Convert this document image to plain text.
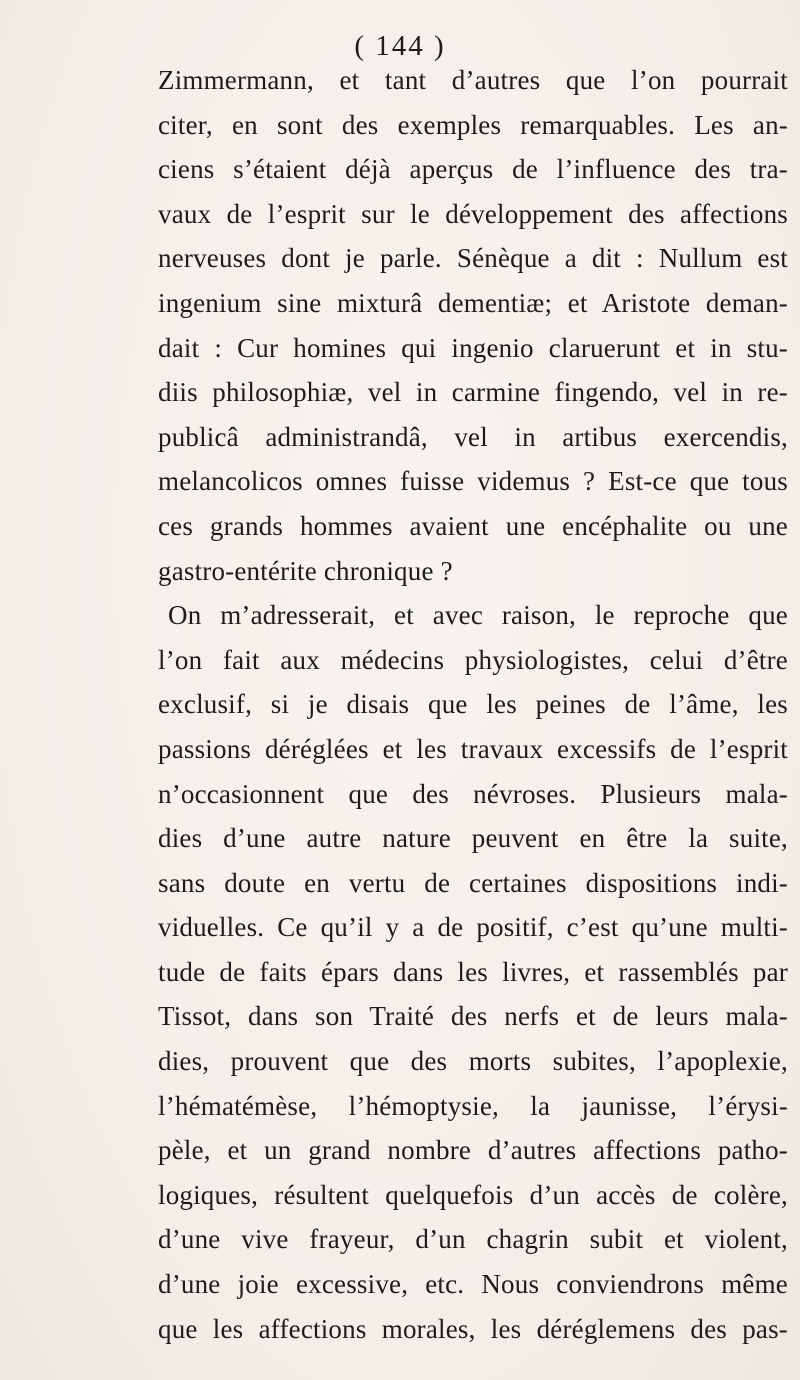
( 144 )
Zimmermann, et tant d’autres que l’on pourrait
citer, en sont des exemples remarquables. Les an-
ciens s’étaient déjà aperçus de l’influence des tra-
vaux de l’esprit sur le développement des affections
nerveuses dont je parle. Sénèque a dit : Nullum est
ingenium sine mixturâ dementiæ; et Aristote deman-
dait : Cur homines qui ingenio claruerunt et in stu-
diis philosophiæ, vel in carmine fingendo, vel in re-
publicâ administrandâ, vel in artibus exercendis,
melancolicos omnes fuisse videmus ? Est-ce que tous
ces grands hommes avaient une encéphalite ou une
gastro-entérite chronique ?
On m’adresserait, et avec raison, le reproche que
l’on fait aux médecins physiologistes, celui d’être
exclusif, si je disais que les peines de l’âme, les
passions déréglées et les travaux excessifs de l’esprit
n’occasionnent que des névroses. Plusieurs mala-
dies d’une autre nature peuvent en être la suite,
sans doute en vertu de certaines dispositions indi-
viduelles. Ce qu’il y a de positif, c’est qu’une multi-
tude de faits épars dans les livres, et rassemblés par
Tissot, dans son Traité des nerfs et de leurs mala-
dies, prouvent que des morts subites, l’apoplexie,
l’hématémèse, l’hémoptysie, la jaunisse, l’érysi-
pèle, et un grand nombre d’autres affections patho-
logiques, résultent quelquefois d’un accès de colère,
d’une vive frayeur, d’un chagrin subit et violent,
d’une joie excessive, etc. Nous conviendrons même
que les affections morales, les déréglemens des pas-
